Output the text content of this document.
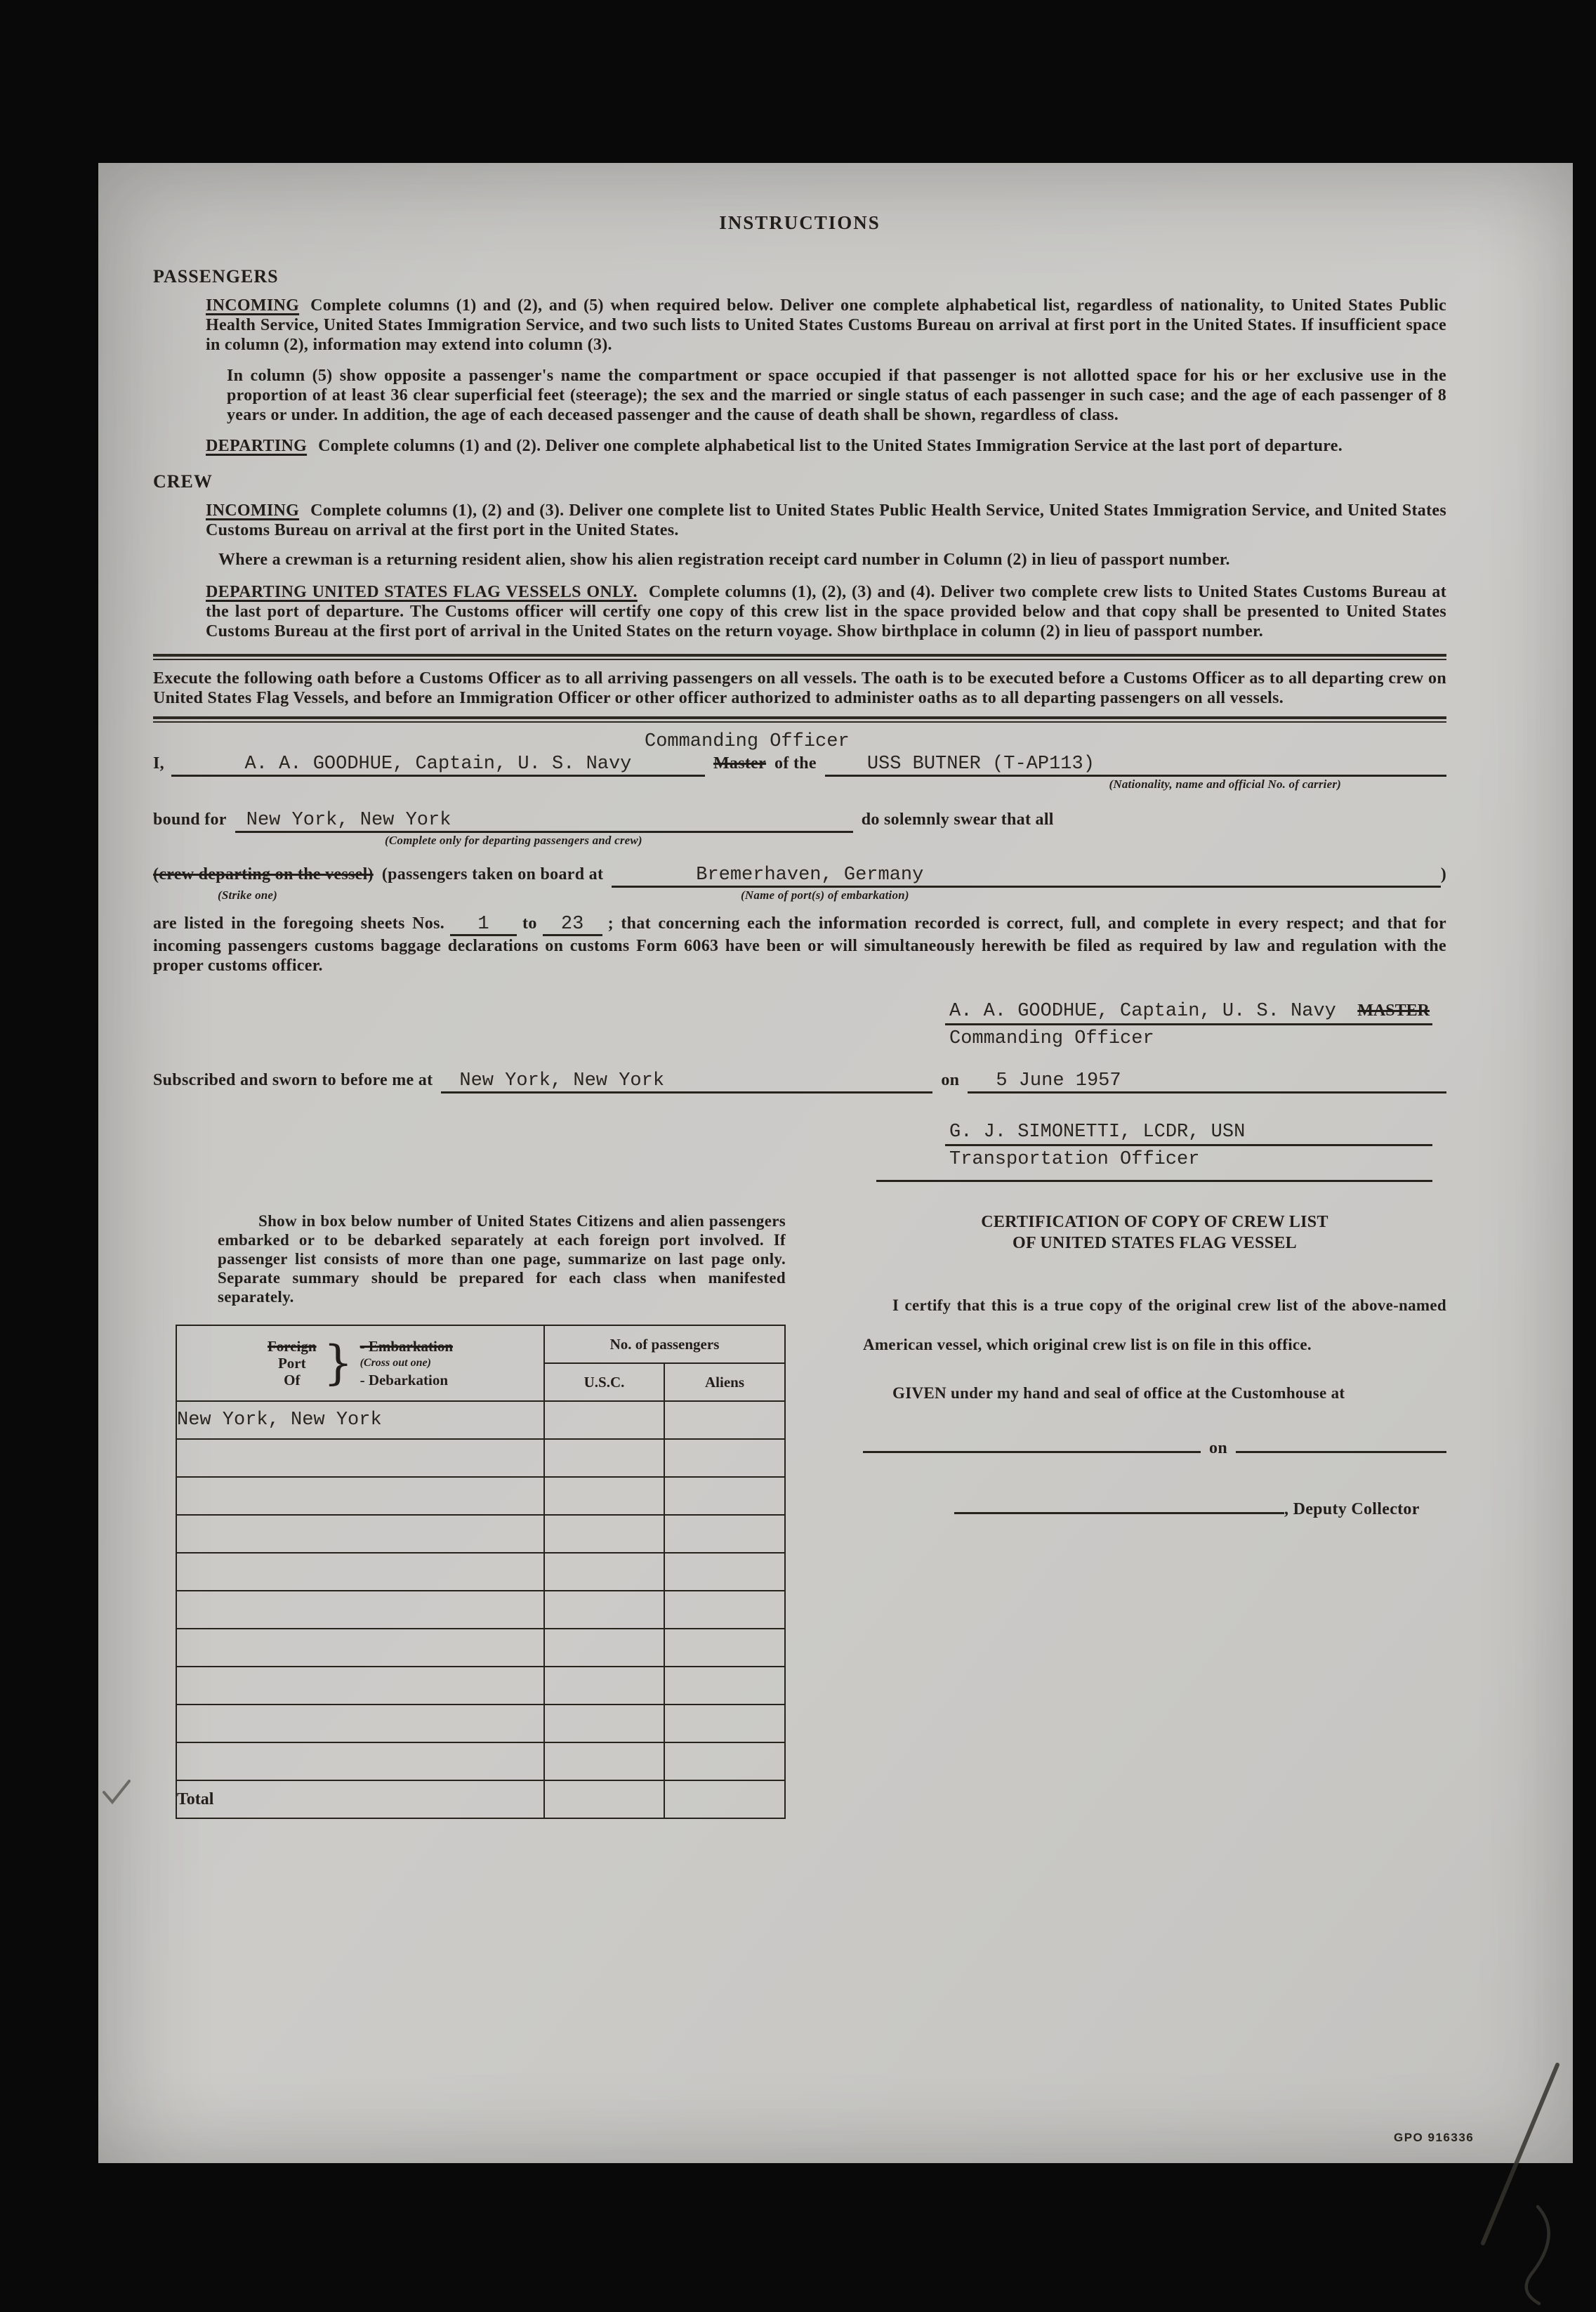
INSTRUCTIONS
PASSENGERS

INCOMING Complete columns (1) and (2), and (5) when required below. Deliver one complete alphabetical list, regardless of nationality, to United States Public Health Service, United States Immigration Service, and two such lists to United States Customs Bureau on arrival at first port in the United States. If insufficient space in column (2), information may extend into column (3).

In column (5) show opposite a passenger's name the compartment or space occupied if that passenger is not allotted space for his or her exclusive use in the proportion of at least 36 clear superficial feet (steerage); the sex and the married or single status of each passenger in such case; and the age of each passenger of 8 years or under. In addition, the age of each deceased passenger and the cause of death shall be shown, regardless of class.

DEPARTING Complete columns (1) and (2). Deliver one complete alphabetical list to the United States Immigration Service at the last port of departure.

CREW

INCOMING Complete columns (1), (2) and (3). Deliver one complete list to United States Public Health Service, United States Immigration Service, and United States Customs Bureau on arrival at the first port in the United States.

Where a crewman is a returning resident alien, show his alien registration receipt card number in Column (2) in lieu of passport number.

DEPARTING UNITED STATES FLAG VESSELS ONLY. Complete columns (1), (2), (3) and (4). Deliver two complete crew lists to United States Customs Bureau at the last port of departure. The Customs officer will certify one copy of this crew list in the space provided below and that copy shall be presented to United States Customs Bureau at the first port of arrival in the United States on the return voyage. Show birthplace in column (2) in lieu of passport number.

Execute the following oath before a Customs Officer as to all arriving passengers on all vessels. The oath is to be executed before a Customs Officer as to all departing crew on United States Flag Vessels, and before an Immigration Officer or other officer authorized to administer oaths as to all departing passengers on all vessels.

Commanding Officer
I,	A. A. GOODHUE, Captain, U. S. Navy	Master of the	USS BUTNER (T-AP113)
(Nationality, name and official No. of carrier)
bound for	New York, New York	do solemnly swear that all
(Complete only for departing passengers and crew)
(crew departing on the vessel) (passengers taken on board at	Bremerhaven, Germany	)
(Strike one)	(Name of port(s) of embarkation)

are listed in the foregoing sheets Nos. 1 to 23 ; that concerning each the information recorded is correct, full, and complete in every respect; and that for incoming passengers customs baggage declarations on customs Form 6063 have been or will simultaneously herewith be filed as required by law and regulation with the proper customs officer.

A. A. GOODHUE, Captain, U. S. Navy MASTER
Commanding Officer
Subscribed and sworn to before me at	New York, New York	on	5 June 1957
G. J. SIMONETTI, LCDR, USN
Transportation Officer

Show in box below number of United States Citizens and alien passengers embarked or to be debarked separately at each foreign port involved. If passenger list consists of more than one page, summarize on last page only. Separate summary should be prepared for each class when manifested separately.

Foreign
Port
Of } - Embarkation
(Cross out one)
- Debarkation
	No. of passengers
	U.S.C.	Aliens
New York, New York		

Total		
CERTIFICATION OF COPY OF CREW LIST
OF UNITED STATES FLAG VESSEL

I certify that this is a true copy of the original crew list of the above-named American vessel, which original crew list is on file in this office.

GIVEN under my hand and seal of office at the Customhouse at

on
, Deputy Collector
GPO 916336
